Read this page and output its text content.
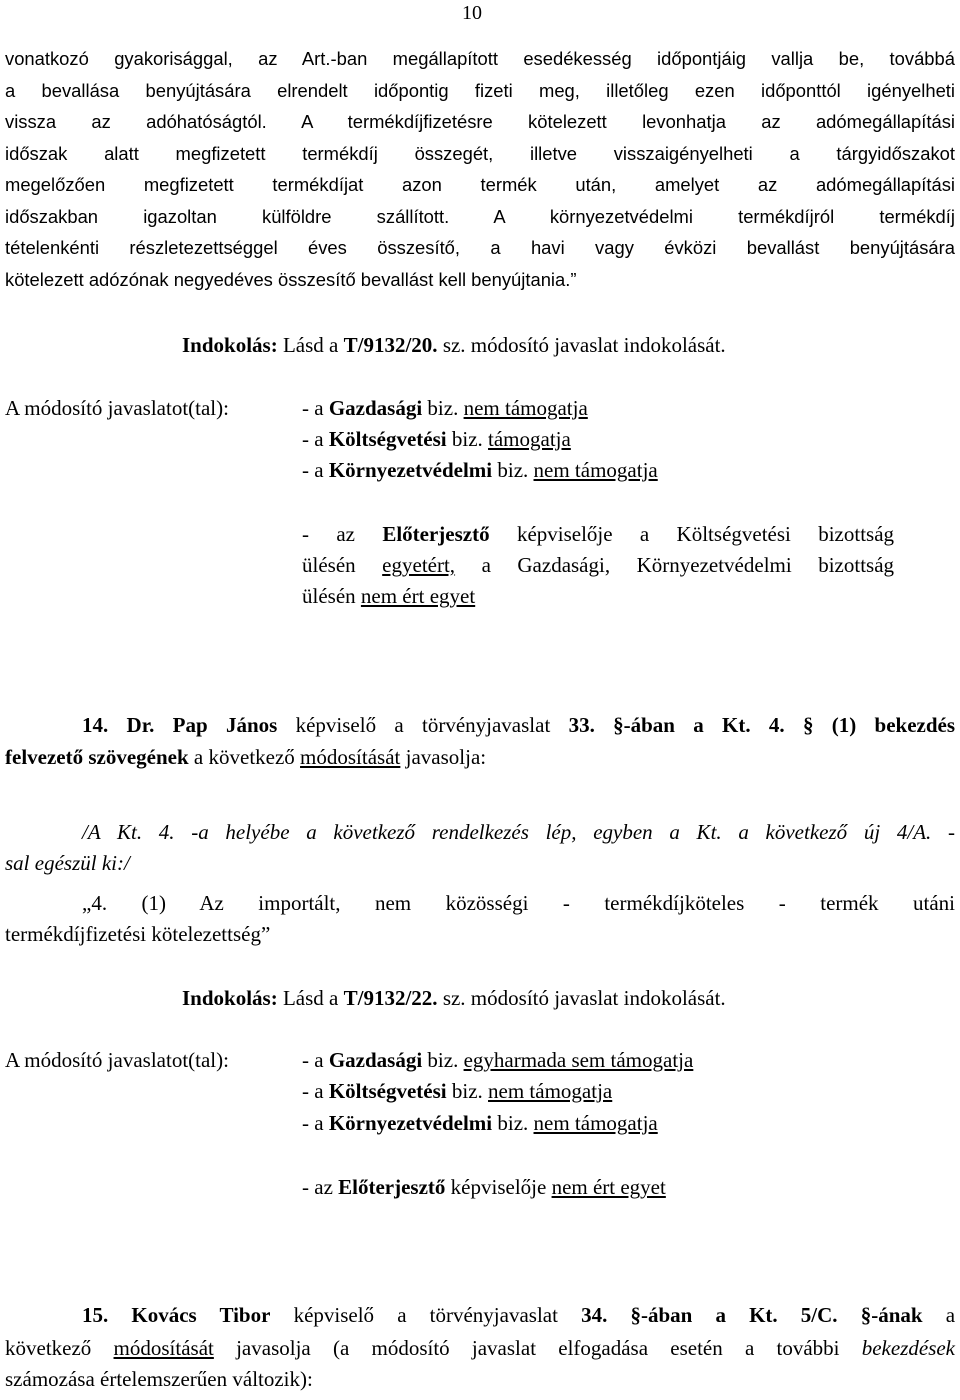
10
vonatkozó gyakorisággal, az Art.-ban megállapított esedékesség időpontjáig vallja be, továbbá
a bevallása benyújtására elrendelt időpontig fizeti meg, illetőleg ezen időponttól igényelheti
vissza az adóhatóságtól. A termékdíjfizetésre kötelezett levonhatja az adómegállapítási
időszak alatt megfizetett termékdíj összegét, illetve visszaigényelheti a tárgyidőszakot
megelőzően megfizetett termékdíjat azon termék után, amelyet az adómegállapítási
időszakban igazoltan külföldre szállított. A környezetvédelmi termékdíjról termékdíj
tételenkénti részletezettséggel éves összesítő, a havi vagy évközi bevallást benyújtására
kötelezett adózónak negyedéves összesítő bevallást kell benyújtania.”
Indokolás: Lásd a T/9132/20. sz. módosító javaslat indokolását.
A módosító javaslatot(tal):	- a Gazdasági biz. nem támogatja
- a Költségvetési biz. támogatja
- a Környezetvédelmi biz. nem támogatja
- az Előterjesztő képviselője a Költségvetési bizottság
ülésén egyetért, a Gazdasági, Környezetvédelmi bizottság
ülésén nem ért egyet
14. Dr. Pap János képviselő a törvényjavaslat 33. §-ában a Kt. 4. § (1) bekezdés
felvezető szövegének a következő módosítását javasolja:
/A Kt. 4. -a helyébe a következő rendelkezés lép, egyben a Kt. a következő új 4/A. -
sal egészül ki:/
„4. (1) Az importált, nem közösségi - termékdíjköteles - termék utáni
termékdíjfizetési kötelezettség”
Indokolás: Lásd a T/9132/22. sz. módosító javaslat indokolását.
A módosító javaslatot(tal):	- a Gazdasági biz. egyharmada sem támogatja
- a Költségvetési biz. nem támogatja
- a Környezetvédelmi biz. nem támogatja
- az Előterjesztő képviselője nem ért egyet
15. Kovács Tibor képviselő a törvényjavaslat 34. §-ában a Kt. 5/C. §-ának a
következő módosítását javasolja (a módosító javaslat elfogadása esetén a további bekezdések
számozása értelemszerűen változik):
